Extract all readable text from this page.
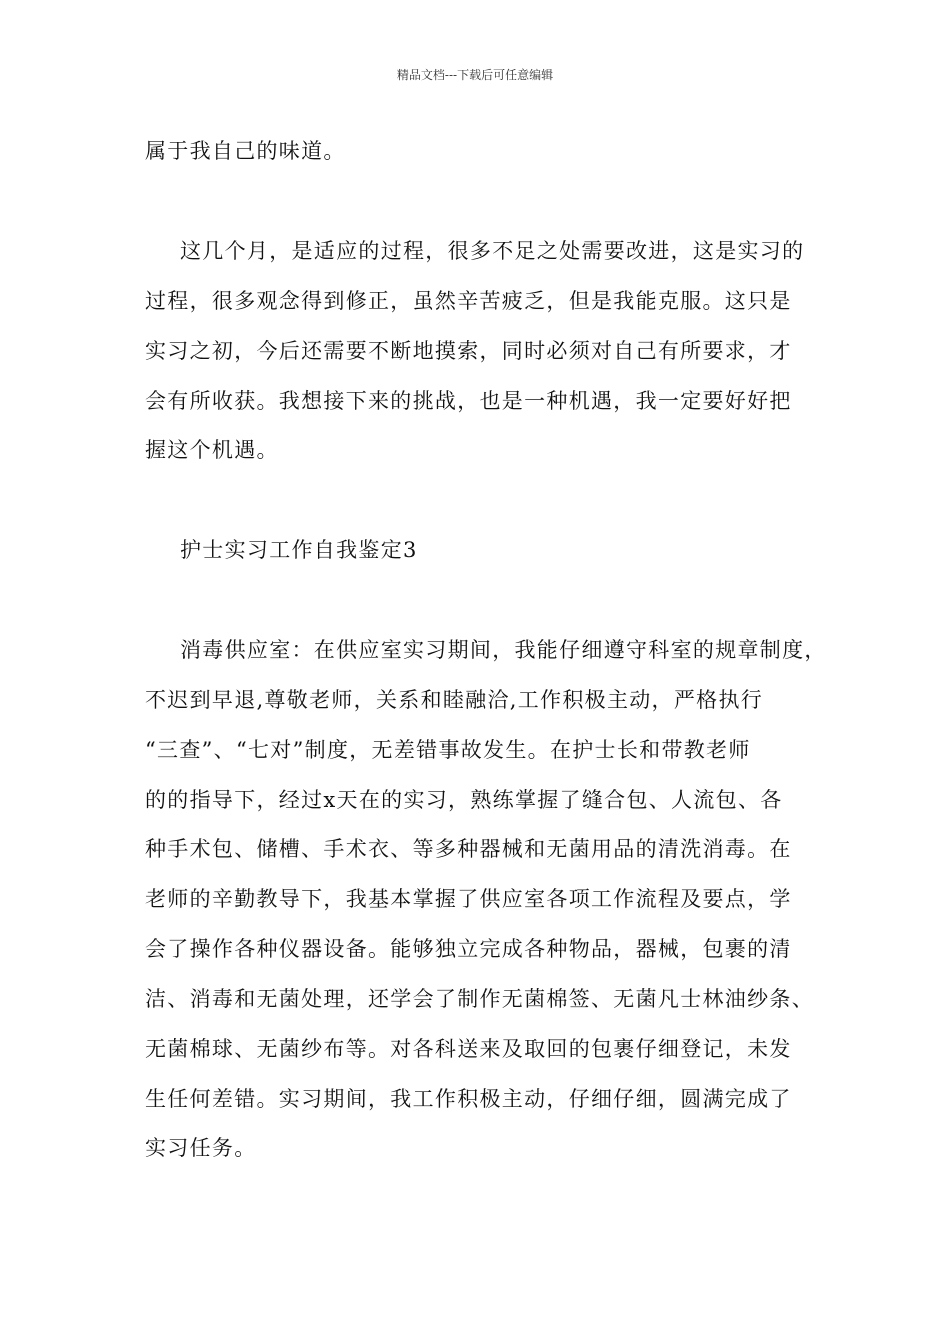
精品文档---下载后可任意编辑
属于我自己的味道。
这几个月，是适应的过程，很多不足之处需要改进，这是实习的
过程，很多观念得到修正，虽然辛苦疲乏，但是我能克服。这只是
实习之初，今后还需要不断地摸索，同时必须对自己有所要求，才
会有所收获。我想接下来的挑战，也是一种机遇，我一定要好好把
握这个机遇。
护士实习工作自我鉴定3
消毒供应室：在供应室实习期间，我能仔细遵守科室的规章制度，
不迟到早退,尊敬老师，关系和睦融洽,工作积极主动，严格执行
“三查”、“七对”制度，无差错事故发生。在护士长和带教老师
的的指导下，经过x天在的实习，熟练掌握了缝合包、人流包、各
种手术包、储槽、手术衣、等多种器械和无菌用品的清洗消毒。在
老师的辛勤教导下，我基本掌握了供应室各项工作流程及要点，学
会了操作各种仪器设备。能够独立完成各种物品，器械，包裹的清
洁、消毒和无菌处理，还学会了制作无菌棉签、无菌凡士林油纱条、
无菌棉球、无菌纱布等。对各科送来及取回的包裹仔细登记，未发
生任何差错。实习期间，我工作积极主动，仔细仔细，圆满完成了
实习任务。
